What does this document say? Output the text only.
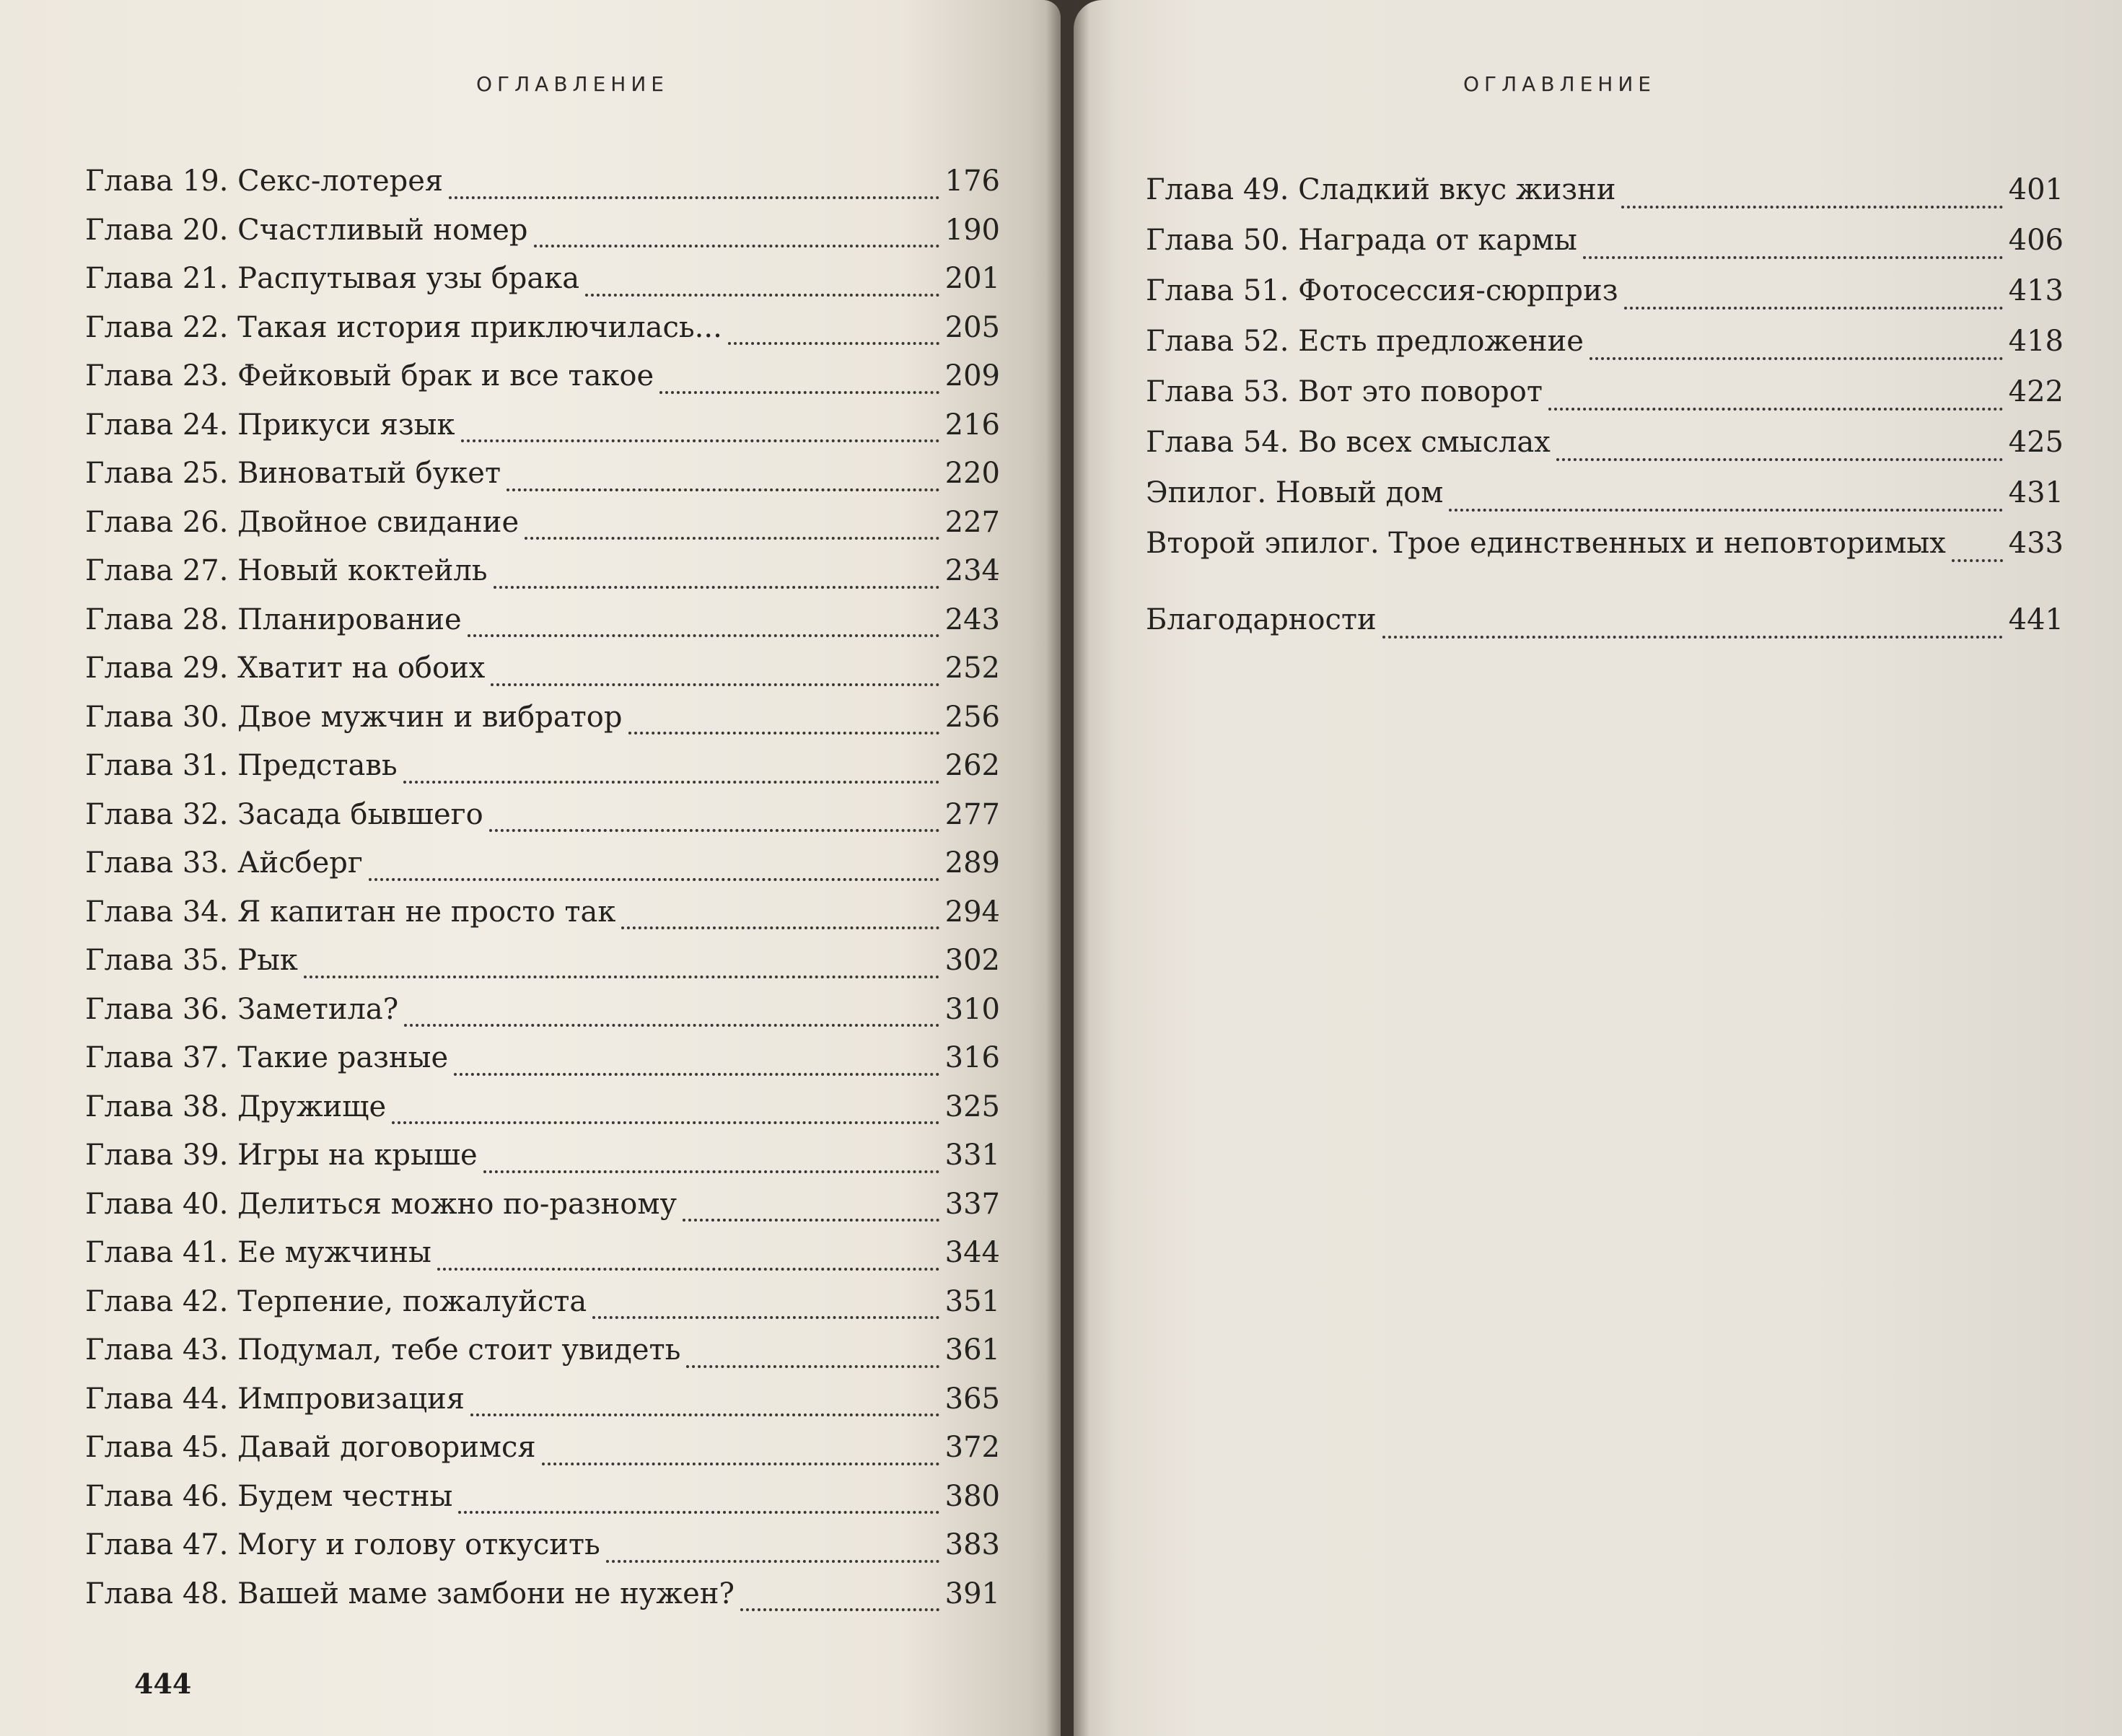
ОГЛАВЛЕНИЕ
Глава 19. Секс-лотерея	176
Глава 20. Счастливый номер	190
Глава 21. Распутывая узы брака	201
Глава 22. Такая история приключилась...	205
Глава 23. Фейковый брак и все такое	209
Глава 24. Прикуси язык	216
Глава 25. Виноватый букет	220
Глава 26. Двойное свидание	227
Глава 27. Новый коктейль	234
Глава 28. Планирование	243
Глава 29. Хватит на обоих	252
Глава 30. Двое мужчин и вибратор	256
Глава 31. Представь	262
Глава 32. Засада бывшего	277
Глава 33. Айсберг	289
Глава 34. Я капитан не просто так	294
Глава 35. Рык	302
Глава 36. Заметила?	310
Глава 37. Такие разные	316
Глава 38. Дружище	325
Глава 39. Игры на крыше	331
Глава 40. Делиться можно по-разному	337
Глава 41. Ее мужчины	344
Глава 42. Терпение, пожалуйста	351
Глава 43. Подумал, тебе стоит увидеть	361
Глава 44. Импровизация	365
Глава 45. Давай договоримся	372
Глава 46. Будем честны	380
Глава 47. Могу и голову откусить	383
Глава 48. Вашей маме замбони не нужен?	391
444
ОГЛАВЛЕНИЕ
Глава 49. Сладкий вкус жизни	401
Глава 50. Награда от кармы	406
Глава 51. Фотосессия-сюрприз	413
Глава 52. Есть предложение	418
Глава 53. Вот это поворот	422
Глава 54. Во всех смыслах	425
Эпилог. Новый дом	431
Второй эпилог. Трое единственных и неповторимых 433
Благодарности	441
